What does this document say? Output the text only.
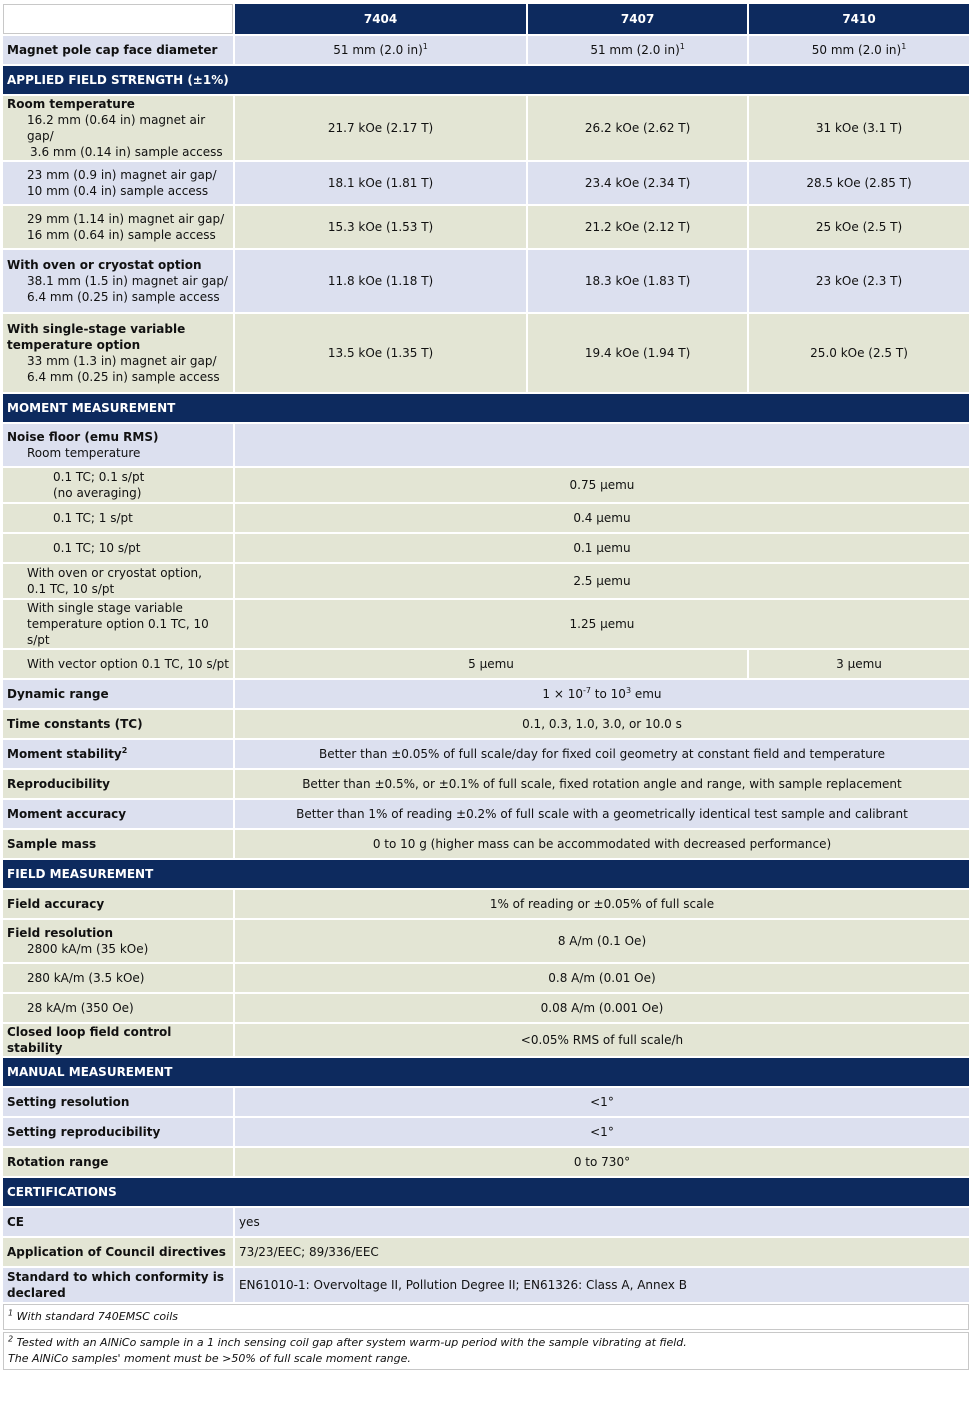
	7404	7407	7410
Magnet pole cap face diameter	51 mm (2.0 in)$^1$	51 mm (2.0 in)$^1$	50 mm (2.0 in)$^1$
APPLIED FIELD STRENGTH (±1%)			
Room temperature
16.2 mm (0.64 in) magnet air gap/
3.6 mm (0.14 in) sample access	21.7 kOe (2.17 T)	26.2 kOe (2.62 T)	31 kOe (3.1 T)

23 mm (0.9 in) magnet air gap/
10 mm (0.4 in) sample access	18.1 kOe (1.81 T)	23.4 kOe (2.34 T)	28.5 kOe (2.85 T)

29 mm (1.14 in) magnet air gap/
16 mm (0.64 in) sample access	15.3 kOe (1.53 T)	21.2 kOe (2.12 T)	25 kOe (2.5 T)
With oven or cryostat option
38.1 mm (1.5 in) magnet air gap/
6.4 mm (0.25 in) sample access	11.8 kOe (1.18 T)	18.3 kOe (1.83 T)	23 kOe (2.3 T)

With single-stage variable
temperature option
33 mm (1.3 in) magnet air gap/
6.4 mm (0.25 in) sample access	13.5 kOe (1.35 T)	19.4 kOe (1.94 T)	25.0 kOe (2.5 T)
MOMENT MEASUREMENT			
Noise floor (emu RMS)
Room temperature			

0.1 TC; 0.1 s/pt
(no averaging)	0.75 µemu		

0.1 TC; 1 s/pt	0.4 µemu		

0.1 TC; 10 s/pt	0.1 µemu		

With oven or cryostat option,
0.1 TC, 10 s/pt	2.5 µemu		

With single stage variable
temperature option 0.1 TC, 10 s/pt	1.25 µemu		

With vector option 0.1 TC, 10 s/pt	5 µemu		3 µemu
Dynamic range	$1 \times 10^{-7}$ to $10^3$ emu		
Time constants (TC)	0.1, 0.3, 1.0, 3.0, or 10.0 s		
Moment stability$^2$	Better than ±0.05% of full scale/day for fixed coil geometry at constant field and temperature		
Reproducibility	Better than ±0.5%, or ±0.1% of full scale, fixed rotation angle and range, with sample replacement		
Moment accuracy	Better than 1% of reading ±0.2% of full scale with a geometrically identical test sample and calibrant		
Sample mass	0 to 10 g (higher mass can be accommodated with decreased performance)		
FIELD MEASUREMENT			
Field accuracy	1% of reading or ±0.05% of full scale		
Field resolution
2800 kA/m (35 kOe)	8 A/m (0.1 Oe)		

280 kA/m (3.5 kOe)	0.8 A/m (0.01 Oe)		

28 kA/m (350 Oe)	0.08 A/m (0.001 Oe)		
Closed loop field control stability	<0.05% RMS of full scale/h		
MANUAL MEASUREMENT			
Setting resolution	<1°		
Setting reproducibility	<1°		
Rotation range	0 to 730°		
CERTIFICATIONS			
CE	yes		
Application of Council directives	73/23/EEC; 89/336/EEC		

Standard to which conformity is
declared	EN61010-1: Overvoltage II, Pollution Degree II; EN61326: Class A, Annex B		
$^1$ With standard 740EMSC coils			
$^2$ Tested with an AlNiCo sample in a 1 inch sensing coil gap after system warm-up period with the sample vibrating at field.
The AlNiCo samples' moment must be >50% of full scale moment range.			
